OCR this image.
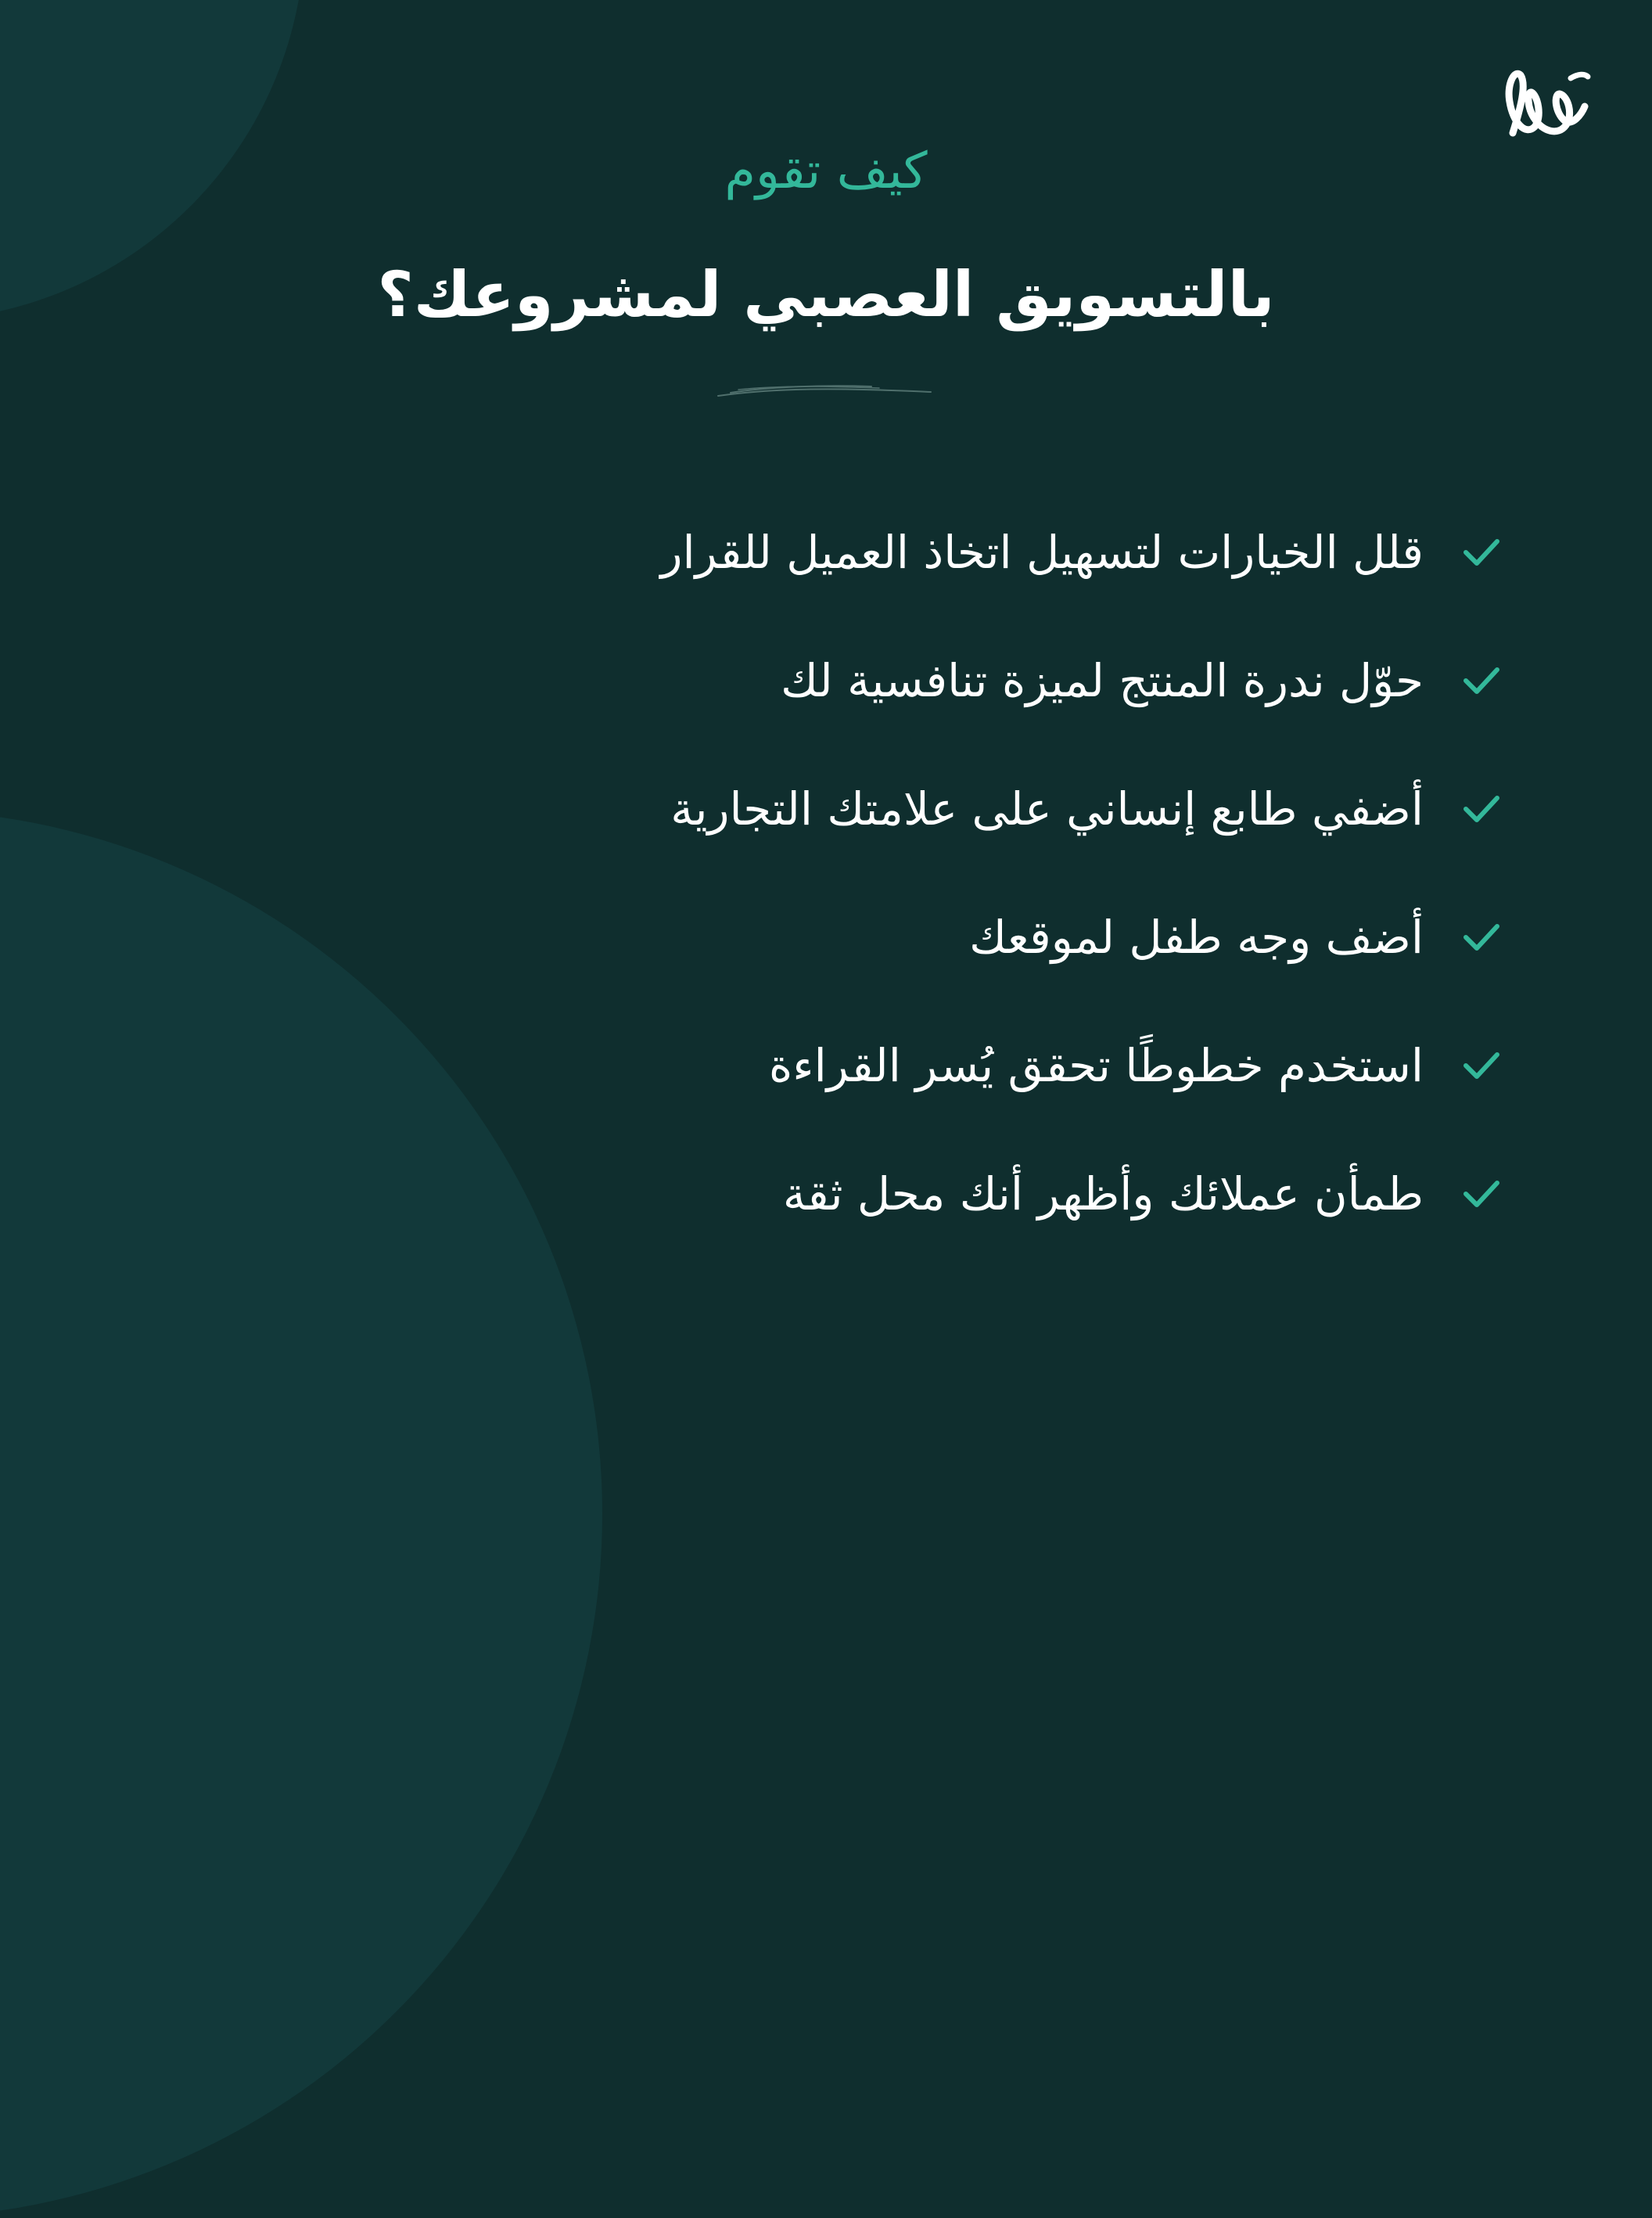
كيف تقوم
بالتسويق العصبي لمشروعك؟
قلل الخيارات لتسهيل اتخاذ العميل للقرار
حوّل ندرة المنتج لميزة تنافسية لك
أضفي طابع إنساني على علامتك التجارية
أضف وجه طفل لموقعك
استخدم خطوطًا تحقق يُسر القراءة
طمأن عملائك وأظهر أنك محل ثقة
